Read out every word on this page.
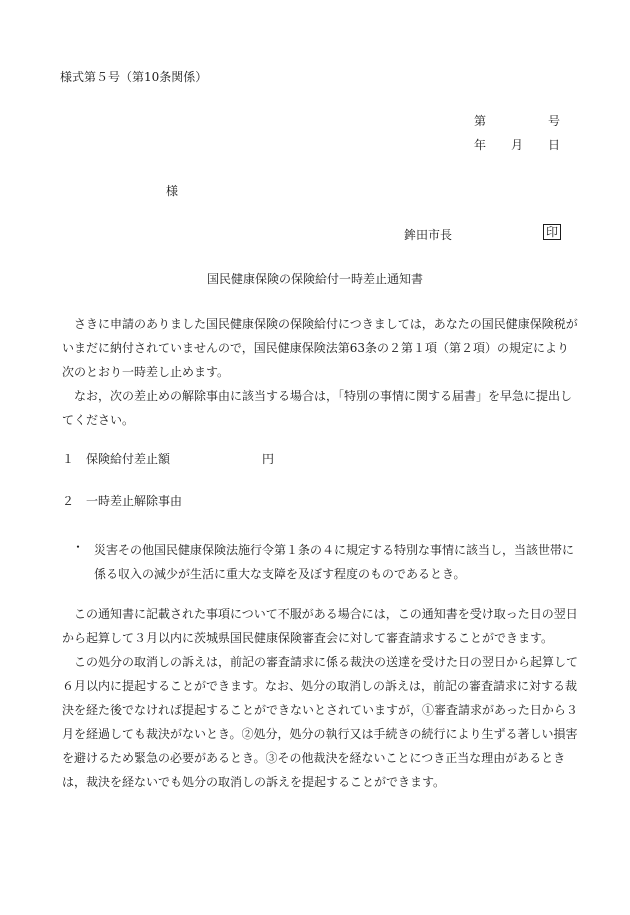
様式第５号（第10条関係）
第	号
年 月 日
様
鉾田市長	印
国民健康保険の保険給付一時差止通知書

さきに申請のありました国民健康保険の保険給付につきましては，あなたの国民健康保険税がいまだに納付されていませんので，国民健康保険法第63条の２第１項（第２項）の規定により次のとおり一時差し止めます。

なお，次の差止めの解除事由に該当する場合は，「特別の事情に関する届書」を早急に提出してください。

１ 保険給付差止額	円
２ 一時差止解除事由
・ 災害その他国民健康保険法施行令第１条の４に規定する特別な事情に該当し，当該世帯に係る収入の減少が生活に重大な支障を及ぼす程度のものであるとき。

この通知書に記載された事項について不服がある場合には，この通知書を受け取った日の翌日から起算して３月以内に茨城県国民健康保険審査会に対して審査請求することができます。

この処分の取消しの訴えは，前記の審査請求に係る裁決の送達を受けた日の翌日から起算して６月以内に提起することができます。なお、処分の取消しの訴えは，前記の審査請求に対する裁決を経た後でなければ提起することができないとされていますが，①審査請求があった日から３月を経過しても裁決がないとき。②処分，処分の執行又は手続きの続行により生ずる著しい損害を避けるため緊急の必要があるとき。③その他裁決を経ないことにつき正当な理由があるときは，裁決を経ないでも処分の取消しの訴えを提起することができます。
